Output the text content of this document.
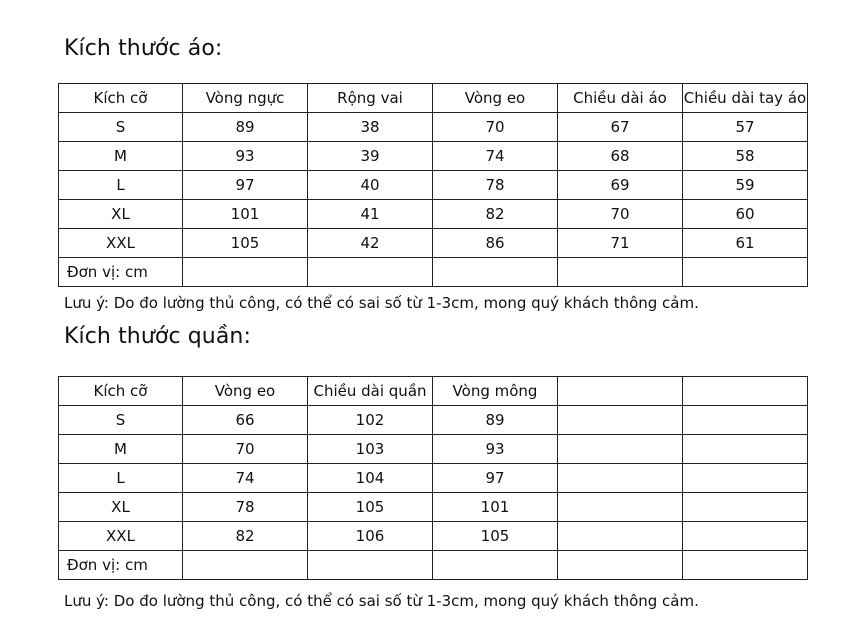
Kích thước áo:
Kích cỡ	Vòng ngực	Rộng vai	Vòng eo	Chiều dài áo	Chiều dài tay áo
S	89	38	70	67	57
M	93	39	74	68	58
L	97	40	78	69	59
XL	101	41	82	70	60
XXL	105	42	86	71	61
Đơn vị: cm					

Lưu ý: Do đo lường thủ công, có thể có sai số từ 1-3cm, mong quý khách thông cảm.

Kích thước quần:
Kích cỡ	Vòng eo	Chiều dài quần	Vòng mông		
S	66	102	89		
M	70	103	93		
L	74	104	97		
XL	78	105	101		
XXL	82	106	105		
Đơn vị: cm					

Lưu ý: Do đo lường thủ công, có thể có sai số từ 1-3cm, mong quý khách thông cảm.
